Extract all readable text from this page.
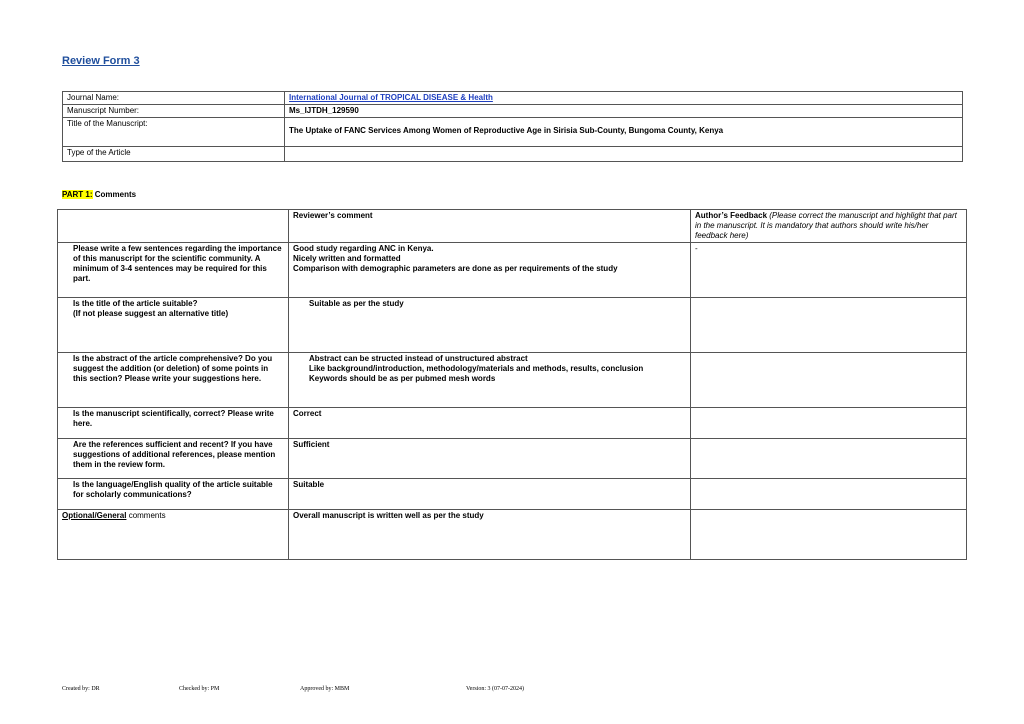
Review Form 3
Journal Name:	International Journal of TROPICAL DISEASE & Health
Manuscript Number:	Ms_IJTDH_129590
Title of the Manuscript:	The Uptake of FANC Services Among Women of Reproductive Age in Sirisia Sub-County, Bungoma County, Kenya
Type of the Article	
PART 1: Comments
	Reviewer’s comment	Author’s Feedback (Please correct the manuscript and highlight that part in the manuscript. It is mandatory that authors should write his/her feedback here)
Please write a few sentences regarding the importance of this manuscript for the scientific community. A minimum of 3-4 sentences may be required for this part.	Good study regarding ANC in Kenya.
Nicely written and formatted
Comparison with demographic parameters are done as per requirements of the study	-

Is the title of the article suitable?
(If not please suggest an alternative title)	Suitable as per the study	

Is the abstract of the article comprehensive? Do you suggest the addition (or deletion) of some points in this section? Please write your suggestions here.	Abstract can be structed instead of unstructured abstract
Like background/introduction, methodology/materials and methods, results, conclusion
Keywords should be as per pubmed mesh words	

Is the manuscript scientifically, correct? Please write here.	Correct	

Are the references sufficient and recent? If you have suggestions of additional references, please mention them in the review form.	Sufficient	

Is the language/English quality of the article suitable for scholarly communications?	Suitable	

Optional/General comments	Overall manuscript is written well as per the study	
Created by: DR	Checked by: PM	Approved by: MBM	Version: 3 (07-07-2024)
